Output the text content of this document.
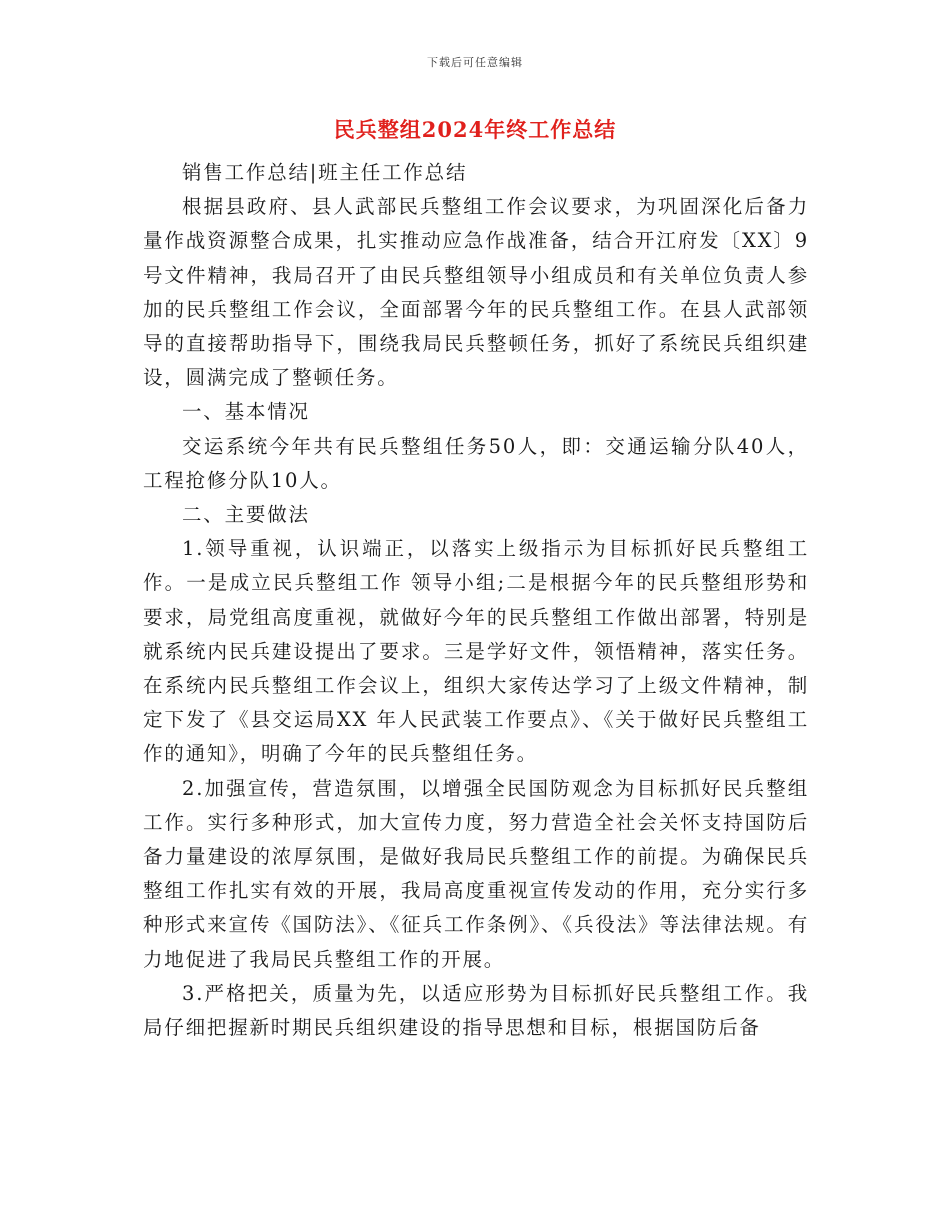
下载后可任意编辑
民兵整组2024年终工作总结

销售工作总结|班主任工作总结

根据县政府、县人武部民兵整组工作会议要求，为巩固深化后备力量作战资源整合成果，扎实推动应急作战准备，结合开江府发〔XX〕9号文件精神，我局召开了由民兵整组领导小组成员和有关单位负责人参加的民兵整组工作会议，全面部署今年的民兵整组工作。在县人武部领导的直接帮助指导下，围绕我局民兵整顿任务，抓好了系统民兵组织建设，圆满完成了整顿任务。

一、基本情况

交运系统今年共有民兵整组任务50人，即：交通运输分队40人，工程抢修分队10人。

二、主要做法

1.领导重视，认识端正，以落实上级指示为目标抓好民兵整组工作。一是成立民兵整组工作 领导小组;二是根据今年的民兵整组形势和要求，局党组高度重视，就做好今年的民兵整组工作做出部署，特别是就系统内民兵建设提出了要求。三是学好文件，领悟精神，落实任务。在系统内民兵整组工作会议上，组织大家传达学习了上级文件精神，制定下发了《县交运局XX 年人民武装工作要点》、《关于做好民兵整组工作的通知》，明确了今年的民兵整组任务。

2.加强宣传，营造氛围，以增强全民国防观念为目标抓好民兵整组工作。实行多种形式，加大宣传力度，努力营造全社会关怀支持国防后备力量建设的浓厚氛围，是做好我局民兵整组工作的前提。为确保民兵整组工作扎实有效的开展，我局高度重视宣传发动的作用，充分实行多种形式来宣传《国防法》、《征兵工作条例》、《兵役法》等法律法规。有力地促进了我局民兵整组工作的开展。

3.严格把关，质量为先，以适应形势为目标抓好民兵整组工作。我局仔细把握新时期民兵组织建设的指导思想和目标，根据国防后备
